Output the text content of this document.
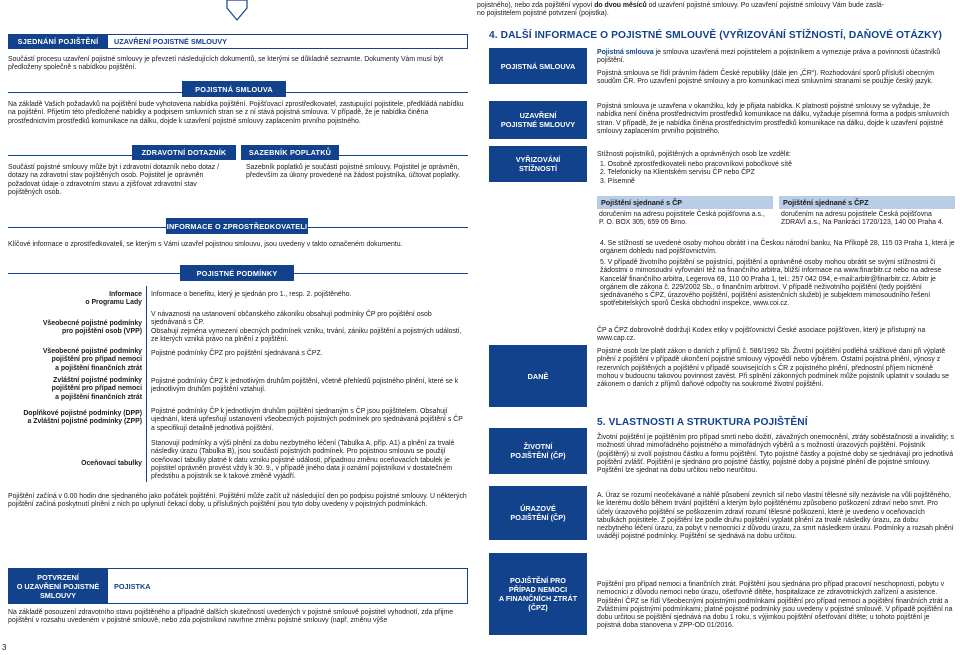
pojistného), nebo zda pojištění vypoví do dvou měsíců od uzavření pojistné smlouvy. Po uzavření pojistné smlouvy Vám bude zaslá-
no pojistitelem pojistné potvrzení (pojistka).
SJEDNÁNÍ POJIŠTĚNÍ UZAVŘENÍ POJISTNÉ SMLOUVY
Součástí procesu uzavření pojistné smlouvy je převzetí následujících dokumentů, se kterými se důkladně seznamte. Dokumenty Vám musí být předloženy společně s nabídkou pojištění.
POJISTNÁ SMLOUVA
Na základě Vašich požadavků na pojištění bude vyhotovena nabídka pojištění. Pojišťovací zprostředkovatel, zastupující pojistitele, předkládá nabídku na pojištění. Přijetím této předložené nabídky a podpisem smluvních stran se z ní stává pojistná smlouva. V případě, že je nabídka činěna prostřednictvím prostředků komunikace na dálku, dojde k uzavření pojistné smlouvy zaplacením prvního pojistného.
ZDRAVOTNÍ DOTAZNÍK	SAZEBNÍK POPLATKŮ
Součástí pojistné smlouvy může být i zdravotní dotazník nebo dotaz / dotazy na zdravotní stav pojištěných osob. Pojistitel je oprávněn požadovat údaje o zdravotním stavu a zjišťovat zdravotní stav pojištěných osob.
Sazebník poplatků je součástí pojistné smlouvy. Pojistitel je oprávněn, především za úkony provedené na žádost pojistníka, účtovat poplatky.
INFORMACE O ZPROSTŘEDKOVATELI
Klíčové informace o zprostředkovateli, se kterým s Vámi uzavřel pojistnou smlouvu, jsou uvedeny v takto označeném dokumentu.
POJISTNÉ PODMÍNKY
Informace
o Programu Lady
Informace o benefitu, který je sjednán pro 1., resp. 2. pojištěného.
Všeobecné pojistné podmínky
pro pojištění osob (VPP)
V návaznosti na ustanovení občanského zákoníku obsahují podmínky ČP pro pojištění osob sjednávaná s ČP.
Obsahují zejména vymezení obecných podmínek vzniku, trvání, zániku pojištění a pojistných událostí, ze kterých vzniká právo na plnění z pojištění.
Všeobecné pojistné podmínky
pojištění pro případ nemoci
a pojištění finančních ztrát
Pojistné podmínky ČPZ pro pojištění sjednávaná s ČPZ.
Zvláštní pojistné podmínky
pojištění pro případ nemoci
a pojištění finančních ztrát
Pojistné podmínky ČPZ k jednotlivým druhům pojištění, včetně přehledů pojistného plnění, které se k jednotlivým druhům pojištění vztahují.
Doplňkové pojistné podmínky (DPP)
a Zvláštní pojistné podmínky (ZPP)
Pojistné podmínky ČP k jednotlivým druhům pojištění sjednaným s ČP jsou pojištitelem. Obsahují ujednání, která upřesňují ustanovení všeobecných pojistných podmínek pro sjednávaná pojištění s ČP a specifikují detailně jednotlivá pojištění.
Oceňovací tabulky
Stanovují podmínky a výši plnění za dobu nezbytného léčení (Tabulka A, příp. A1) a plnění za trvalé následky úrazu (Tabulka B), jsou součástí pojistných podmínek. Pro pojistnou smlouvu se použijí oceňovací tabulky platné k datu vzniku pojistné události, případnou změnu oceňovacích tabulek je pojistitel oprávněn provést vždy k 30. 9., v případě jiného data ji oznámí pojistníkovi v dostatečném předstihu a pojistník se k takové změně vyjádří.
Pojištění začíná v 0.00 hodin dne sjednaného jako počátek pojištění. Pojištění může začít už následující den po podpisu pojistné smlouvy. U některých pojištění začíná poskytnutí plnění z nich po uplynutí čekací doby, u příslušných pojištění jsou tyto doby uvedeny v pojistných podmínkách.
POTVRZENÍ
O UZAVŘENÍ POJISTNÉ
SMLOUVY
POJISTKA
Na základě posouzení zdravotního stavu pojištěného a případně dalších skutečností uvedených v pojistné smlouvě pojistitel vyhodnotí, zda přijme pojištění v rozsahu uvedeném v pojistné smlouvě, nebo zda pojistníkovi navrhne změnu pojistné smlouvy (např. změnu výše
3
4. DALŠÍ INFORMACE O POJISTNÉ SMLOUVĚ (VYŘIZOVÁNÍ STÍŽNOSTÍ, DAŇOVÉ OTÁZKY)
POJISTNÁ SMLOUVA
Pojistná smlouva je smlouva uzavřená mezi pojistitelem a pojistníkem a vymezuje práva a povinnosti účastníků pojištění.
Pojistná smlouva se řídí právním řádem České republiky (dále jen „ČR“). Rozhodování sporů přísluší obecným soudům ČR. Pro uzavření pojistné smlouvy a pro komunikaci mezi smluvními stranami se použije český jazyk.
UZAVŘENÍ
POJISTNÉ SMLOUVY
Pojistná smlouva je uzavřena v okamžiku, kdy je přijata nabídka. K platnosti pojistné smlouvy se vyžaduje, že nabídka není činěna prostřednictvím prostředků komunikace na dálku, vyžaduje písemná forma a podpis smluvních stran. V případě, že je nabídka činěna prostřednictvím prostředků komunikace na dálku, dojde k uzavření pojistné smlouvy zaplacením prvního pojistného.
VYŘIZOVÁNÍ
STÍŽNOSTÍ
Stížnosti pojistníků, pojištěných a oprávněných osob lze vzdělit:
1. Osobně zprostředkovateli nebo pracovníkovi pobočkové sítě
2. Telefonicky na Klientském servisu ČP nebo ČPZ
3. Písemně
Pojištění sjednané s ČP	Pojištění sjednané s ČPZ
doručením na adresu pojistitele Česká pojišťovna a.s., P. O. BOX 305, 659 05 Brno.
doručením na adresu pojistitele Česká pojišťovna ZDRAVÍ a.s., Na Pankráci 1720/123, 140 00 Praha 4.
4. Se stížností se uvedené osoby mohou obrátit i na Českou národní banku, Na Příkopě 28, 115 03 Praha 1, která je orgánem dohledu nad pojišťovnictvím.
5. V případě životního pojištění se pojistníci, pojištění a oprávněné osoby mohou obrátit se svými stížnostmi či žádostmi o mimosoudní vyřovnání též na finančního arbitra, bližší informace na www.finarbitr.cz nebo na adrese Kancelář finančního arbitra, Legerova 69, 110 00 Praha 1, tel.: 257 042 094, e-mail:arbitr@finarbitr.cz. Arbitr je orgánem dle zákona č. 229/2002 Sb., o finančním arbitrovi. V případě neživotního pojištění (tedy pojištění sjednávaného s ČPZ, úrazového pojištění, pojištění asistenčních služeb) je subjektem mimosoudního řešení spotřebitelských sporů Česká obchodní inspekce, www.coi.cz.
ČP a ČPZ dobrovolně dodržují Kodex etiky v pojišťovnictví České asociace pojišťoven, který je přístupný na www.cap.cz.
DANĚ
Pojistné osob lze platit zákon o daních z příjmů č. 586/1992 Sb. Životní pojištění podléhá srážkové dani při výplatě plnění z pojištění v případě ukončení pojistné smlouvy výpovědí nebo výběrem. Ostatní pojistná plnění, výnosy z rezervních pojištěných a pojištění v případě souvisejících s ČR z pojistného plnění, přednostní příjem nicméně mohou v budoucnu takovou povinnost zavést. Při splnění zákonných podmínek může pojistník uplatnit v souladu se zákonem o daních z příjmů daňové odpočty na soukromé životní pojištění.
5. VLASTNOSTI A STRUKTURA POJIŠTĚNÍ
ŽIVOTNÍ
POJIŠTĚNÍ (ČP)
Životní pojištění je pojištěním pro případ smrti nebo dožití, závažných onemocnění, ztráty soběstačnosti a invalidity; s možností úhrad mimořádného pojistného a mimořádných výběrů a s možností úrazových pojištění. Pojistník (pojištěný) si zvolí pojistnou částku a formu pojištění. Tyto pojistné částky a pojistné doby se sjednávají pro jednotlivá pojištění zvlášť. Pojištění je sjednáno pro pojistné částky, pojistné doby a pojistné plnění dle pojistné smlouvy. Pojištění lze sjednat na dobu určitou nebo neurčitou.
ÚRAZOVÉ
POJIŠTĚNÍ (ČP)
A. Úraz se rozumí neočekávané a náhlé působení zevních sil nebo vlastní tělesné síly nezávisle na vůli pojištěného, ke kterému došlo během trvání pojištění a kterým bylo pojištěnému způsobeno poškození zdraví nebo smrt. Pro účely úrazového pojištění se poškozením zdraví rozumí tělesné poškození, které je uvedeno v oceňovacích tabulkách pojistitele. Z pojištění lze podle druhu pojištění vyplatit plnění za trvalé následky úrazu, za dobu nezbytného léčení úrazu, za pobyt v nemocnici z důvodu úrazu, za smrt následkem úrazu. Podmínky a rozsah plnění uvádějí pojistné podmínky. Pojištění se sjednává na dobu určitou.
POJIŠTĚNÍ PRO
PŘÍPAD NEMOCI
A FINANČNÍCH ZTRÁT
(ČPZ)
Pojištění pro případ nemoci a finančních ztrát. Pojištění jsou sjednána pro případ pracovní neschopnosti, pobytu v nemocnici z důvodu nemoci nebo úrazu, ošetřovně dítěte, hospitalizace ze zdravotnických zařízení a asistence. Pojištění ČPZ se řídí Všeobecnými pojistnými podmínkami pojištění pro případ nemoci a pojištění finančních ztrát a Zvláštními pojistnými podmínkami; platné pojistné podmínky jsou uvedeny v pojistné smlouvě. V případě pojištění na dobu určitou se pojištění sjednává na dobu 1 roku, s výjimkou pojištění ošetřování dítěte; u tohoto pojištění je pojistná doba stanovena v ZPP-OD 01/2016.
